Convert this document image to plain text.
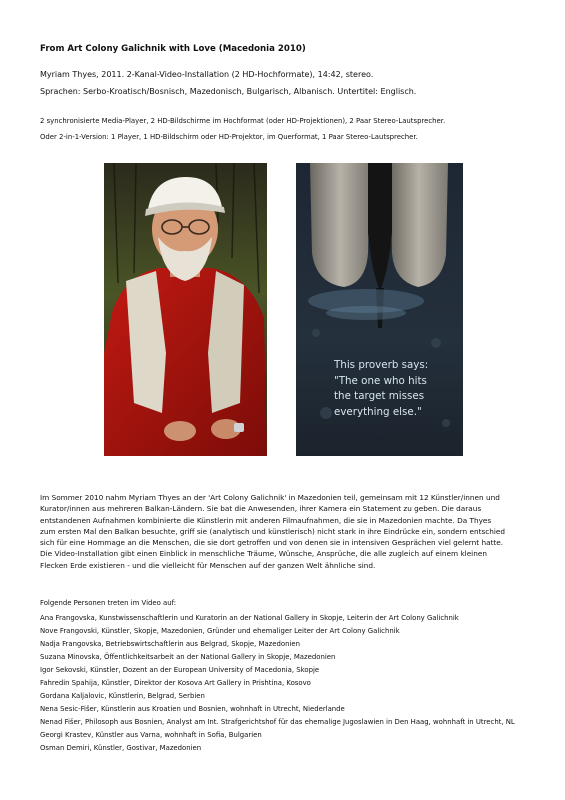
From Art Colony Galichnik with Love (Macedonia 2010)

Myriam Thyes, 2011. 2-Kanal-Video-Installation (2 HD-Hochformate), 14:42, stereo.

Sprachen: Serbo-Kroatisch/Bosnisch, Mazedonisch, Bulgarisch, Albanisch. Untertitel: Englisch.

2 synchronisierte Media-Player, 2 HD-Bildschirme im Hochformat (oder HD-Projektionen), 2 Paar Stereo-Lautsprecher.

Oder 2-in-1-Version: 1 Player, 1 HD-Bildschirm oder HD-Projektor, im Querformat, 1 Paar Stereo-Lautsprecher.

This proverb says:
"The one who hits
the target misses
everything else."

Im Sommer 2010 nahm Myriam Thyes an der 'Art Colony Galichnik' in Mazedonien teil, gemeinsam mit 12 Künstler/innen und
Kurator/innen aus mehreren Balkan-Ländern. Sie bat die Anwesenden, ihrer Kamera ein Statement zu geben. Die daraus
entstandenen Aufnahmen kombinierte die Künstlerin mit anderen Filmaufnahmen, die sie in Mazedonien machte. Da Thyes
zum ersten Mal den Balkan besuchte, griff sie (analytisch und künstlerisch) nicht stark in ihre Eindrücke ein, sondern entschied
sich für eine Hommage an die Menschen, die sie dort getroffen und von denen sie in intensiven Gesprächen viel gelernt hatte.
Die Video-Installation gibt einen Einblick in menschliche Träume, Wünsche, Ansprüche, die alle zugleich auf einem kleinen
Flecken Erde existieren - und die vielleicht für Menschen auf der ganzen Welt ähnliche sind.

Folgende Personen treten im Video auf:

Ana Frangovska, Kunstwissenschaftlerin und Kuratorin an der National Gallery in Skopje, Leiterin der Art Colony Galichnik

Nove Frangovski, Künstler, Skopje, Mazedonien, Gründer und ehemaliger Leiter der Art Colony Galichnik

Nadja Frangovska, Betriebswirtschaftlerin aus Belgrad, Skopje, Mazedonien

Suzana Minovska, Öffentlichkeitsarbeit an der National Gallery in Skopje, Mazedonien

Igor Sekovski, Künstler, Dozent an der European University of Macedonia, Skopje

Fahredin Spahija, Künstler, Direktor der Kosova Art Gallery in Prishtina, Kosovo

Gordana Kaljalovic, Künstlerin, Belgrad, Serbien

Nena Sesic-Fišer, Künstlerin aus Kroatien und Bosnien, wohnhaft in Utrecht, Niederlande

Nenad Fišer, Philosoph aus Bosnien, Analyst am Int. Strafgerichtshof für das ehemalige Jugoslawien in Den Haag, wohnhaft in Utrecht, NL

Georgi Krastev, Künstler aus Varna, wohnhaft in Sofia, Bulgarien

Osman Demiri, Künstler, Gostivar, Mazedonien
